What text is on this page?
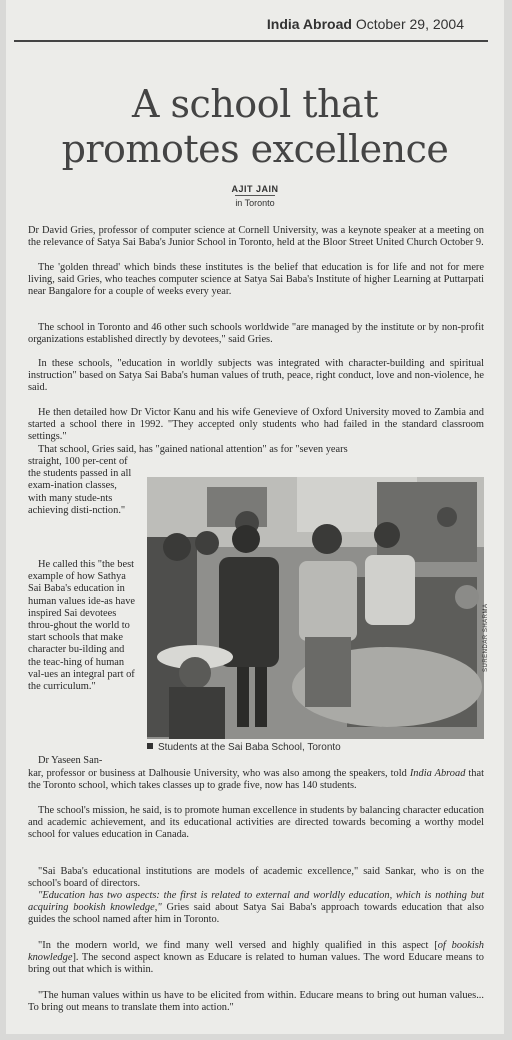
India Abroad October 29, 2004
A school that
promotes excellence
AJIT JAIN
in Toronto

Dr David Gries, professor of computer science at Cornell University, was a keynote speaker at a meeting on the relevance of Satya Sai Baba's Junior School in Toronto, held at the Bloor Street United Church October 9.

The 'golden thread' which binds these institutes is the belief that education is for life and not for mere living, said Gries, who teaches computer science at Satya Sai Baba's Institute of higher Learning at Puttarpati near Bangalore for a couple of weeks every year.

The school in Toronto and 46 other such schools worldwide "are managed by the institute or by non-profit organizations established directly by devotees," said Gries.

In these schools, "education in worldly subjects was integrated with character-building and spiritual instruction" based on Satya Sai Baba's human values of truth, peace, right conduct, love and non-violence, he said.

He then detailed how Dr Victor Kanu and his wife Genevieve of Oxford University moved to Zambia and started a school there in 1992. "They accepted only students who had failed in the standard classroom settings."

That school, Gries said, has "gained national attention" as for "seven years

straight, 100 per-cent of the students passed in all exam-ination classes, with many stude-nts achieving disti-nction."

He called this "the best example of how Sathya Sai Baba's education in human values ide-as have inspired Sai devotees throu-ghout the world to start schools that make character bu-ilding and the teac-hing of human val-ues an integral part of the curriculum."

Dr Yaseen San-

SURENDAR SHARMA
Students at the Sai Baba School, Toronto

kar, professor or business at Dalhousie University, who was also among the speakers, told India Abroad that the Toronto school, which takes classes up to grade five, now has 140 students.

The school's mission, he said, is to promote human excellence in students by balancing character education and academic achievement, and its educational activities are directed towards becoming a worthy model school for values education in Canada.

"Sai Baba's educational institutions are models of academic excellence," said Sankar, who is on the school's board of directors.

"Education has two aspects: the first is related to external and worldly education, which is nothing but acquiring bookish knowledge," Gries said about Satya Sai Baba's approach towards education that also guides the school named after him in Toronto.

"In the modern world, we find many well versed and highly qualified in this aspect [of bookish knowledge]. The second aspect known as Educare is related to human values. The word Educare means to bring out that which is within.

"The human values within us have to be elicited from within. Educare means to bring out human values... To bring out means to translate them into action."
